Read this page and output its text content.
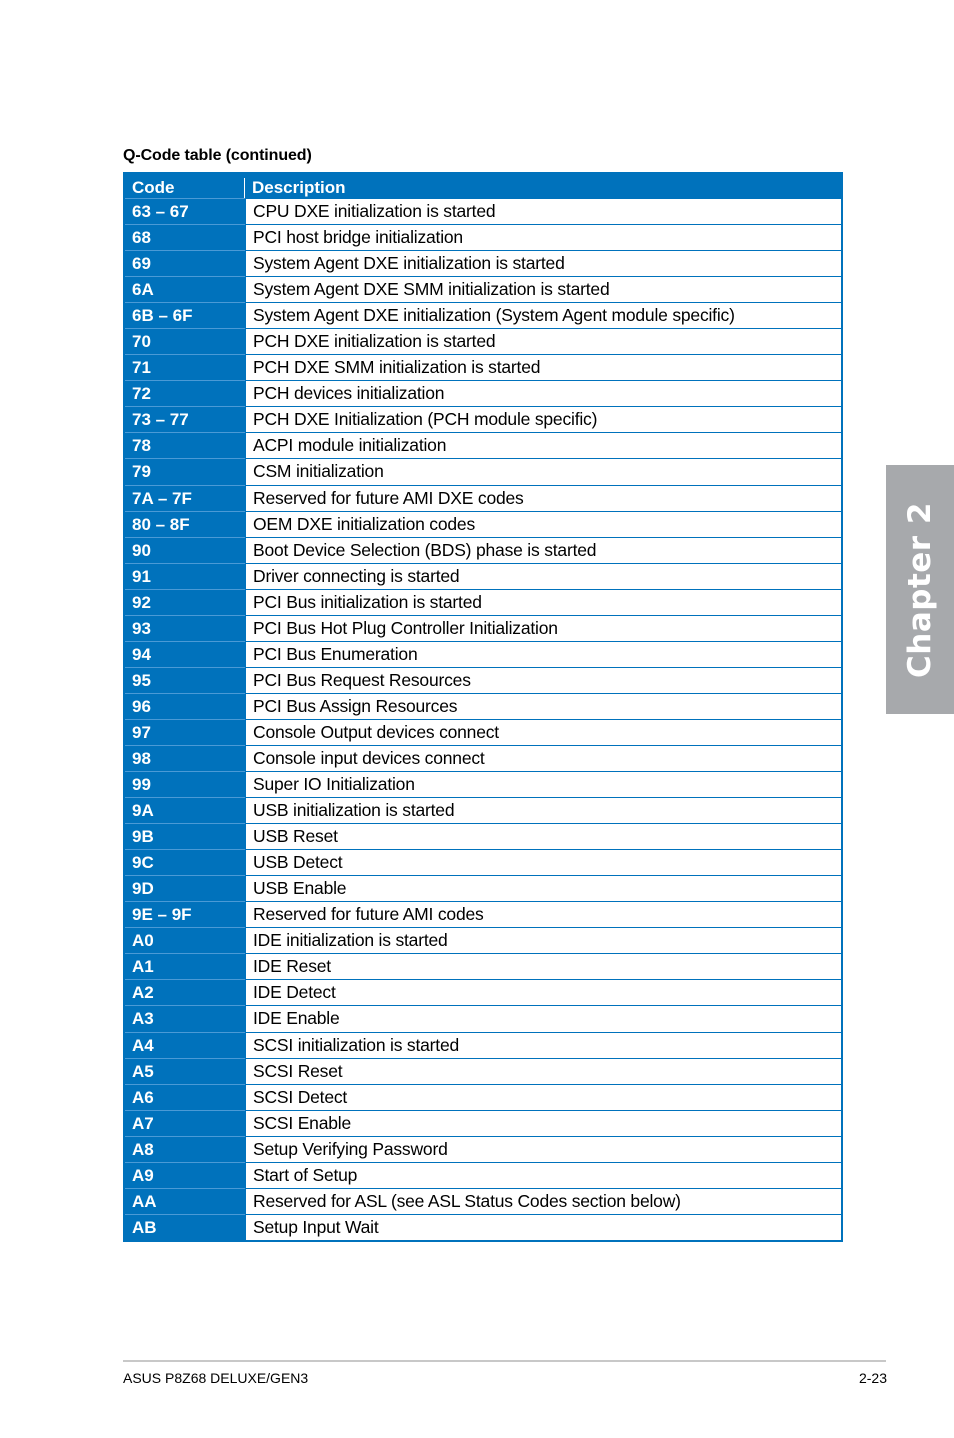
Q-Code table (continued)
Code	Description
63 – 67	CPU DXE initialization is started
68	PCI host bridge initialization
69	System Agent DXE initialization is started
6A	System Agent DXE SMM initialization is started
6B – 6F	System Agent DXE initialization (System Agent module specific)
70	PCH DXE initialization is started
71	PCH DXE SMM initialization is started
72	PCH devices initialization
73 – 77	PCH DXE Initialization (PCH module specific)
78	ACPI module initialization
79	CSM initialization
7A – 7F	Reserved for future AMI DXE codes
80 – 8F	OEM DXE initialization codes
90	Boot Device Selection (BDS) phase is started
91	Driver connecting is started
92	PCI Bus initialization is started
93	PCI Bus Hot Plug Controller Initialization
94	PCI Bus Enumeration
95	PCI Bus Request Resources
96	PCI Bus Assign Resources
97	Console Output devices connect
98	Console input devices connect
99	Super IO Initialization
9A	USB initialization is started
9B	USB Reset
9C	USB Detect
9D	USB Enable
9E – 9F	Reserved for future AMI codes
A0	IDE initialization is started
A1	IDE Reset
A2	IDE Detect
A3	IDE Enable
A4	SCSI initialization is started
A5	SCSI Reset
A6	SCSI Detect
A7	SCSI Enable
A8	Setup Verifying Password
A9	Start of Setup
AA	Reserved for ASL (see ASL Status Codes section below)
AB	Setup Input Wait
Chapter 2
ASUS P8Z68 DELUXE/GEN3	2-23
